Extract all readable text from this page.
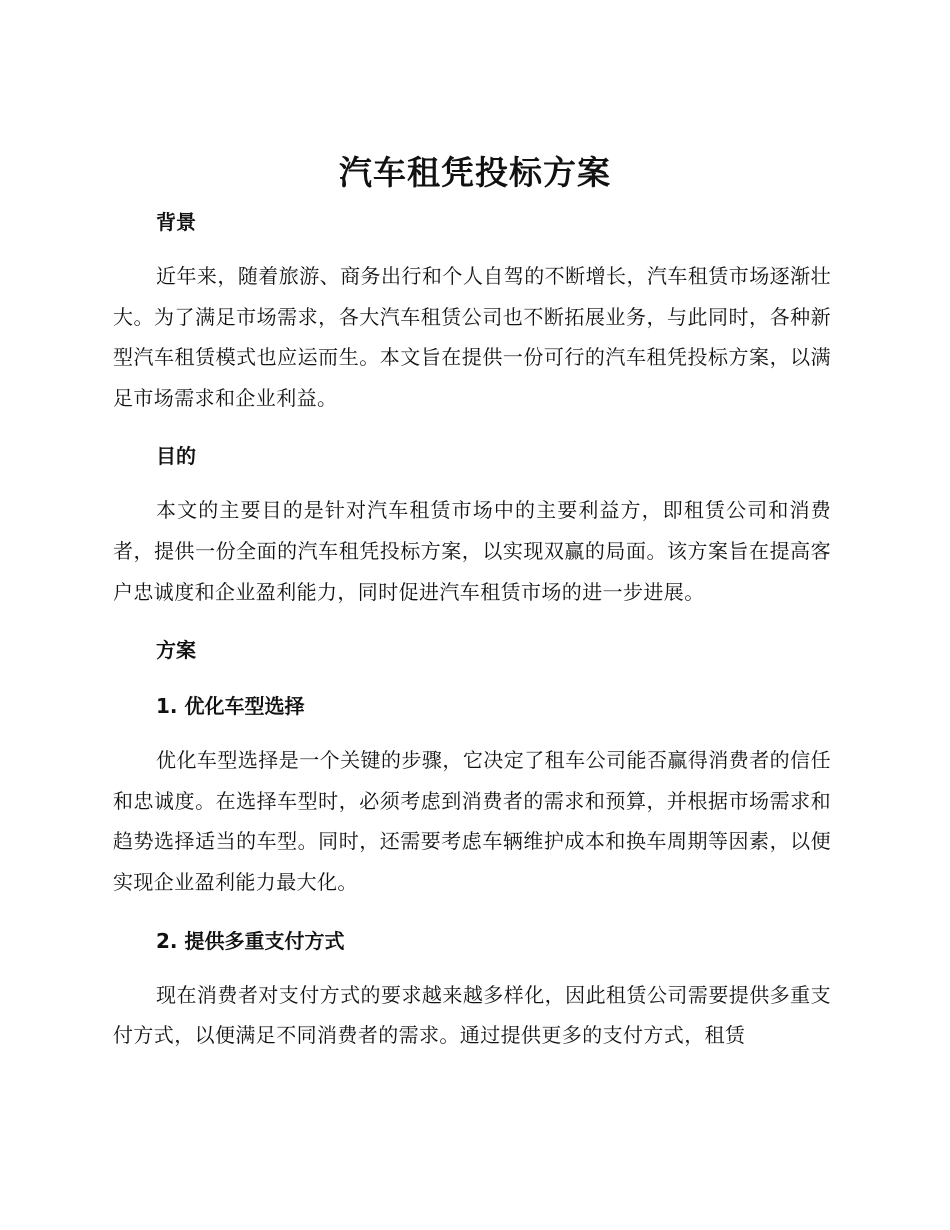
汽车租凭投标方案
背景

近年来，随着旅游、商务出行和个人自驾的不断增长，汽车租赁市场逐渐壮大。为了满足市场需求，各大汽车租赁公司也不断拓展业务，与此同时，各种新型汽车租赁模式也应运而生。本文旨在提供一份可行的汽车租凭投标方案，以满足市场需求和企业利益。

目的

本文的主要目的是针对汽车租赁市场中的主要利益方，即租赁公司和消费者，提供一份全面的汽车租凭投标方案，以实现双赢的局面。该方案旨在提高客户忠诚度和企业盈利能力，同时促进汽车租赁市场的进一步进展。

方案
1. 优化车型选择

优化车型选择是一个关键的步骤，它决定了租车公司能否赢得消费者的信任和忠诚度。在选择车型时，必须考虑到消费者的需求和预算，并根据市场需求和趋势选择适当的车型。同时，还需要考虑车辆维护成本和换车周期等因素，以便实现企业盈利能力最大化。

2. 提供多重支付方式

现在消费者对支付方式的要求越来越多样化，因此租赁公司需要提供多重支付方式，以便满足不同消费者的需求。通过提供更多的支付方式，租赁
